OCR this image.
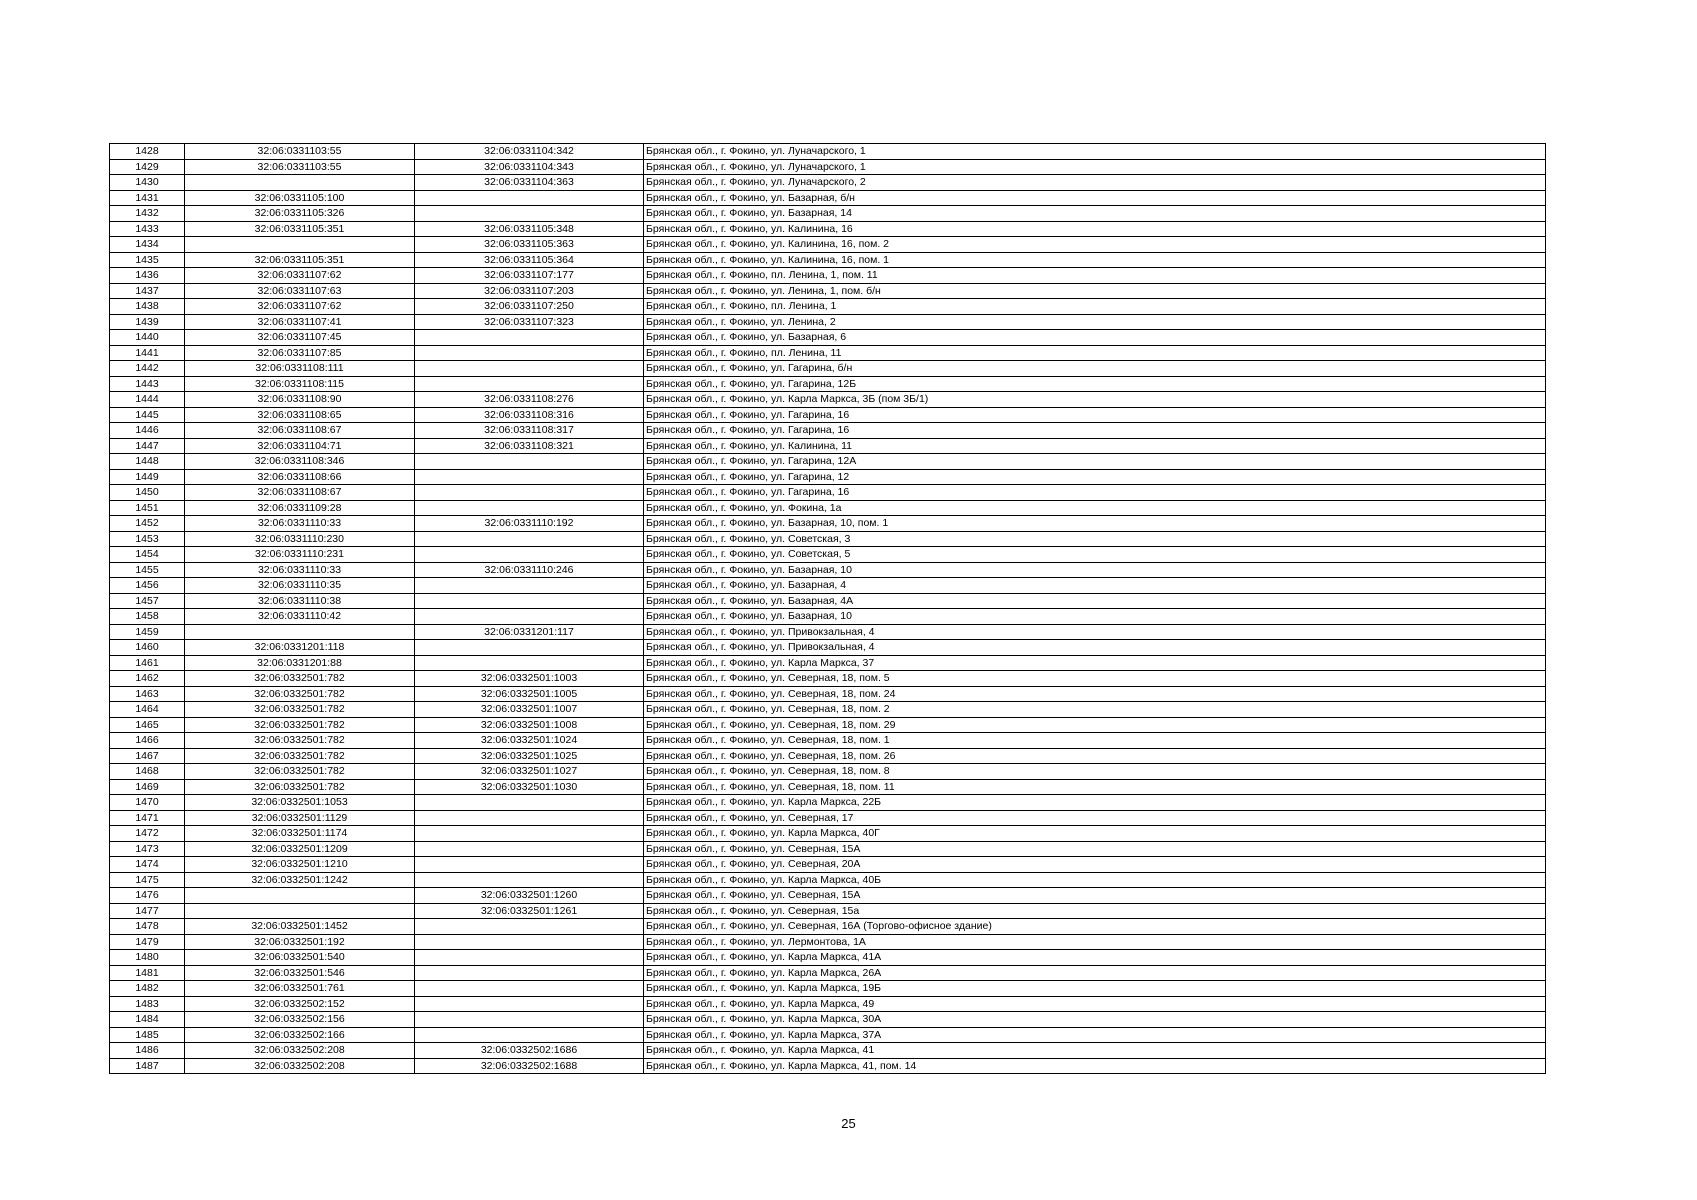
1428	32:06:0331103:55	32:06:0331104:342	Брянская обл., г. Фокино, ул. Луначарского, 1
1429	32:06:0331103:55	32:06:0331104:343	Брянская обл., г. Фокино, ул. Луначарского, 1
1430		32:06:0331104:363	Брянская обл., г. Фокино, ул. Луначарского, 2
1431	32:06:0331105:100		Брянская обл., г. Фокино, ул. Базарная, б/н
1432	32:06:0331105:326		Брянская обл., г. Фокино, ул. Базарная, 14
1433	32:06:0331105:351	32:06:0331105:348	Брянская обл., г. Фокино, ул. Калинина, 16
1434		32:06:0331105:363	Брянская обл., г. Фокино, ул. Калинина, 16, пом. 2
1435	32:06:0331105:351	32:06:0331105:364	Брянская обл., г. Фокино, ул. Калинина, 16, пом. 1
1436	32:06:0331107:62	32:06:0331107:177	Брянская обл., г. Фокино, пл. Ленина, 1, пом. 11
1437	32:06:0331107:63	32:06:0331107:203	Брянская обл., г. Фокино, ул. Ленина, 1, пом. б/н
1438	32:06:0331107:62	32:06:0331107:250	Брянская обл., г. Фокино, пл. Ленина, 1
1439	32:06:0331107:41	32:06:0331107:323	Брянская обл., г. Фокино, ул. Ленина, 2
1440	32:06:0331107:45		Брянская обл., г. Фокино, ул. Базарная, 6
1441	32:06:0331107:85		Брянская обл., г. Фокино, пл. Ленина, 11
1442	32:06:0331108:111		Брянская обл., г. Фокино, ул. Гагарина, б/н
1443	32:06:0331108:115		Брянская обл., г. Фокино, ул. Гагарина, 12Б
1444	32:06:0331108:90	32:06:0331108:276	Брянская обл., г. Фокино, ул. Карла Маркса, 3Б (пом 3Б/1)
1445	32:06:0331108:65	32:06:0331108:316	Брянская обл., г. Фокино, ул. Гагарина, 16
1446	32:06:0331108:67	32:06:0331108:317	Брянская обл., г. Фокино, ул. Гагарина, 16
1447	32:06:0331104:71	32:06:0331108:321	Брянская обл., г. Фокино, ул. Калинина, 11
1448	32:06:0331108:346		Брянская обл., г. Фокино, ул. Гагарина, 12А
1449	32:06:0331108:66		Брянская обл., г. Фокино, ул. Гагарина, 12
1450	32:06:0331108:67		Брянская обл., г. Фокино, ул. Гагарина, 16
1451	32:06:0331109:28		Брянская обл., г. Фокино, ул. Фокина, 1а
1452	32:06:0331110:33	32:06:0331110:192	Брянская обл., г. Фокино, ул. Базарная, 10, пом. 1
1453	32:06:0331110:230		Брянская обл., г. Фокино, ул. Советская, 3
1454	32:06:0331110:231		Брянская обл., г. Фокино, ул. Советская, 5
1455	32:06:0331110:33	32:06:0331110:246	Брянская обл., г. Фокино, ул. Базарная, 10
1456	32:06:0331110:35		Брянская обл., г. Фокино, ул. Базарная, 4
1457	32:06:0331110:38		Брянская обл., г. Фокино, ул. Базарная, 4А
1458	32:06:0331110:42		Брянская обл., г. Фокино, ул. Базарная, 10
1459		32:06:0331201:117	Брянская обл., г. Фокино, ул. Привокзальная, 4
1460	32:06:0331201:118		Брянская обл., г. Фокино, ул. Привокзальная, 4
1461	32:06:0331201:88		Брянская обл., г. Фокино, ул. Карла Маркса, 37
1462	32:06:0332501:782	32:06:0332501:1003	Брянская обл., г. Фокино, ул. Северная, 18, пом. 5
1463	32:06:0332501:782	32:06:0332501:1005	Брянская обл., г. Фокино, ул. Северная, 18, пом. 24
1464	32:06:0332501:782	32:06:0332501:1007	Брянская обл., г. Фокино, ул. Северная, 18, пом. 2
1465	32:06:0332501:782	32:06:0332501:1008	Брянская обл., г. Фокино, ул. Северная, 18, пом. 29
1466	32:06:0332501:782	32:06:0332501:1024	Брянская обл., г. Фокино, ул. Северная, 18, пом. 1
1467	32:06:0332501:782	32:06:0332501:1025	Брянская обл., г. Фокино, ул. Северная, 18, пом. 26
1468	32:06:0332501:782	32:06:0332501:1027	Брянская обл., г. Фокино, ул. Северная, 18, пом. 8
1469	32:06:0332501:782	32:06:0332501:1030	Брянская обл., г. Фокино, ул. Северная, 18, пом. 11
1470	32:06:0332501:1053		Брянская обл., г. Фокино, ул. Карла Маркса, 22Б
1471	32:06:0332501:1129		Брянская обл., г. Фокино, ул. Северная, 17
1472	32:06:0332501:1174		Брянская обл., г. Фокино, ул. Карла Маркса, 40Г
1473	32:06:0332501:1209		Брянская обл., г. Фокино, ул. Северная, 15А
1474	32:06:0332501:1210		Брянская обл., г. Фокино, ул. Северная, 20А
1475	32:06:0332501:1242		Брянская обл., г. Фокино, ул. Карла Маркса, 40Б
1476		32:06:0332501:1260	Брянская обл., г. Фокино, ул. Северная, 15А
1477		32:06:0332501:1261	Брянская обл., г. Фокино, ул. Северная, 15а
1478	32:06:0332501:1452		Брянская обл., г. Фокино, ул. Северная, 16А (Торгово-офисное здание)
1479	32:06:0332501:192		Брянская обл., г. Фокино, ул. Лермонтова, 1А
1480	32:06:0332501:540		Брянская обл., г. Фокино, ул. Карла Маркса, 41А
1481	32:06:0332501:546		Брянская обл., г. Фокино, ул. Карла Маркса, 26А
1482	32:06:0332501:761		Брянская обл., г. Фокино, ул. Карла Маркса, 19Б
1483	32:06:0332502:152		Брянская обл., г. Фокино, ул. Карла Маркса, 49
1484	32:06:0332502:156		Брянская обл., г. Фокино, ул. Карла Маркса, 30А
1485	32:06:0332502:166		Брянская обл., г. Фокино, ул. Карла Маркса, 37А
1486	32:06:0332502:208	32:06:0332502:1686	Брянская обл., г. Фокино, ул. Карла Маркса, 41
1487	32:06:0332502:208	32:06:0332502:1688	Брянская обл., г. Фокино, ул. Карла Маркса, 41, пом. 14
25
